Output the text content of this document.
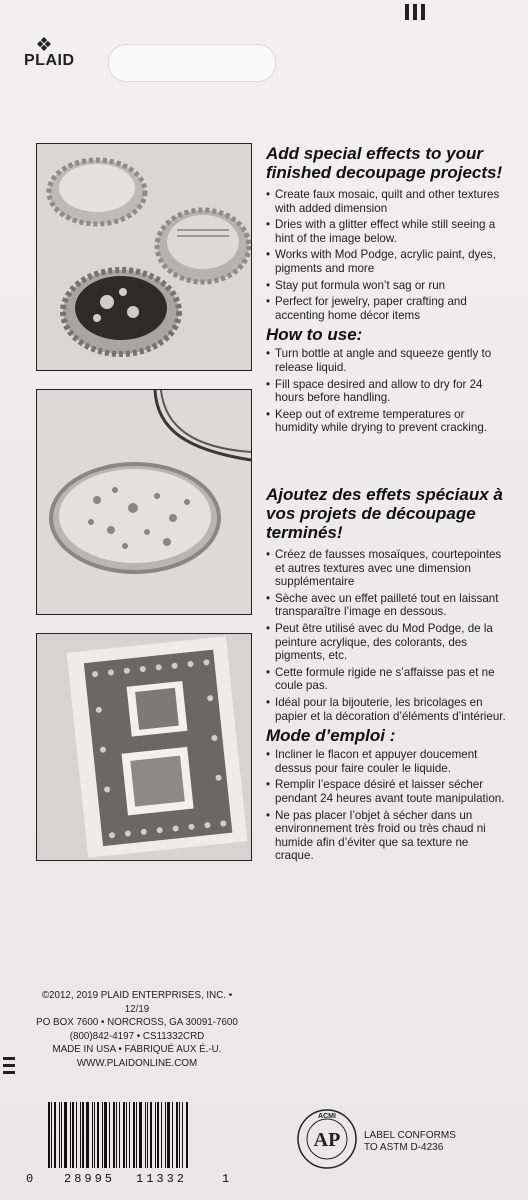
PLAID
Add special effects to your finished decoupage projects!
• Create faux mosaic, quilt and other textures with added dimension
• Dries with a glitter effect while still seeing a hint of the image below.
• Works with Mod Podge, acrylic paint, dyes, pigments and more
• Stay put formula won’t sag or run
• Perfect for jewelry, paper crafting and accenting home décor items
How to use:
• Turn bottle at angle and squeeze gently to release liquid.
• Fill space desired and allow to dry for 24 hours before handling.
• Keep out of extreme temperatures or humidity while drying to prevent cracking.
Ajoutez des effets spéciaux à vos projets de découpage terminés!
• Créez de fausses mosaïques, courtepointes et autres textures avec une dimension supplémentaire
• Sèche avec un effet pailleté tout en laissant transparaître l’image en dessous.
• Peut être utilisé avec du Mod Podge, de la peinture acrylique, des colorants, des pigments, etc.
• Cette formule rigide ne s’affaisse pas et ne coule pas.
• Idéal pour la bijouterie, les bricolages en papier et la décoration d’éléments d’intérieur.
Mode d’emploi :
• Incliner le flacon et appuyer doucement dessus pour faire couler le liquide.
• Remplir l’espace désiré et laisser sécher pendant 24 heures avant toute manipulation.
• Ne pas placer l’objet à sécher dans un environnement très froid ou très chaud ni humide afin d’éviter que sa texture ne craque.
©2012, 2019 PLAID ENTERPRISES, INC. • 12/19
PO BOX 7600 • NORCROSS, GA 30091-7600
(800)842-4197 • CS11332CRD
MADE IN USA • FABRIQUÉ AUX É.-U.
WWW.PLAIDONLINE.COM
0	28995 11332	1
ACMI
AP LABEL CONFORMS
TO ASTM D-4236
